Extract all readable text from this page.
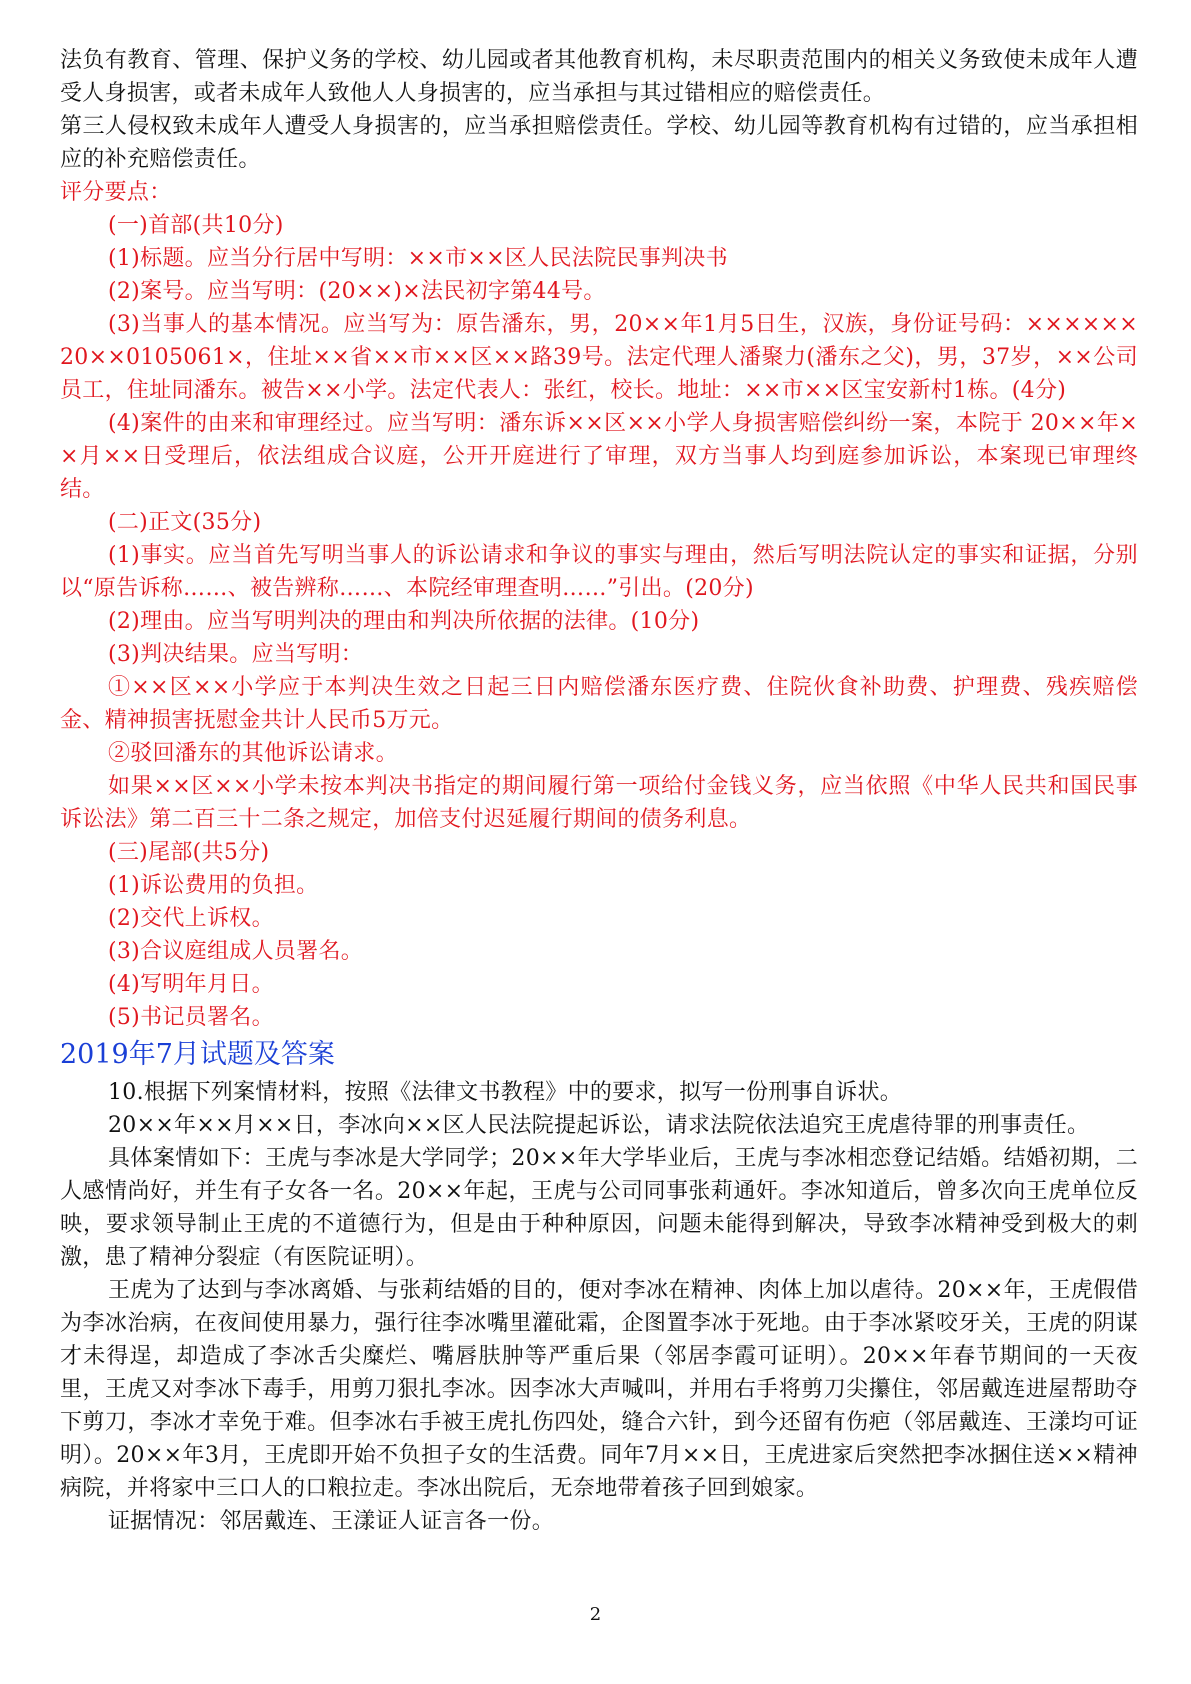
法负有教育、管理、保护义务的学校、幼儿园或者其他教育机构，未尽职责范围内的相关义务致使未成年人遭受人身损害，或者未成年人致他人人身损害的，应当承担与其过错相应的赔偿责任。

第三人侵权致未成年人遭受人身损害的，应当承担赔偿责任。学校、幼儿园等教育机构有过错的，应当承担相应的补充赔偿责任。

评分要点：

(一)首部(共10分)

(1)标题。应当分行居中写明：××市××区人民法院民事判决书

(2)案号。应当写明：(20××)×法民初字第44号。

(3)当事人的基本情况。应当写为：原告潘东，男，20××年1月5日生，汉族，身份证号码：××××××20××0105061×，住址××省××市××区××路39号。法定代理人潘聚力(潘东之父)，男，37岁，××公司员工，住址同潘东。被告××小学。法定代表人：张红，校长。地址：××市××区宝安新村1栋。(4分)

(4)案件的由来和审理经过。应当写明：潘东诉××区××小学人身损害赔偿纠纷一案，本院于 20××年××月××日受理后，依法组成合议庭，公开开庭进行了审理，双方当事人均到庭参加诉讼，本案现已审理终结。

(二)正文(35分)

(1)事实。应当首先写明当事人的诉讼请求和争议的事实与理由，然后写明法院认定的事实和证据，分别以“原告诉称……、被告辨称……、本院经审理查明……”引出。(20分)

(2)理由。应当写明判决的理由和判决所依据的法律。(10分)

(3)判决结果。应当写明：

①××区××小学应于本判决生效之日起三日内赔偿潘东医疗费、住院伙食补助费、护理费、残疾赔偿金、精神损害抚慰金共计人民币5万元。

②驳回潘东的其他诉讼请求。

如果××区××小学未按本判决书指定的期间履行第一项给付金钱义务，应当依照《中华人民共和国民事诉讼法》第二百三十二条之规定，加倍支付迟延履行期间的债务利息。

(三)尾部(共5分)

(1)诉讼费用的负担。

(2)交代上诉权。

(3)合议庭组成人员署名。

(4)写明年月日。

(5)书记员署名。

2019年7月试题及答案

10.根据下列案情材料，按照《法律文书教程》中的要求，拟写一份刑事自诉状。

20××年××月××日，李冰向××区人民法院提起诉讼，请求法院依法追究王虎虐待罪的刑事责任。

具体案情如下：王虎与李冰是大学同学；20××年大学毕业后，王虎与李冰相恋登记结婚。结婚初期，二人感情尚好，并生有子女各一名。20××年起，王虎与公司同事张莉通奸。李冰知道后，曾多次向王虎单位反映，要求领导制止王虎的不道德行为，但是由于种种原因，问题未能得到解决，导致李冰精神受到极大的刺激，患了精神分裂症（有医院证明）。

王虎为了达到与李冰离婚、与张莉结婚的目的，便对李冰在精神、肉体上加以虐待。20××年，王虎假借为李冰治病，在夜间使用暴力，强行往李冰嘴里灌砒霜，企图置李冰于死地。由于李冰紧咬牙关，王虎的阴谋才未得逞，却造成了李冰舌尖糜烂、嘴唇肤肿等严重后果（邻居李霞可证明）。20××年春节期间的一天夜里，王虎又对李冰下毒手，用剪刀狠扎李冰。因李冰大声喊叫，并用右手将剪刀尖攥住，邻居戴连进屋帮助夺下剪刀，李冰才幸免于难。但李冰右手被王虎扎伤四处，缝合六针，到今还留有伤疤（邻居戴连、王漾均可证明）。20××年3月，王虎即开始不负担子女的生活费。同年7月××日，王虎进家后突然把李冰捆住送××精神病院，并将家中三口人的口粮拉走。李冰出院后，无奈地带着孩子回到娘家。

证据情况：邻居戴连、王漾证人证言各一份。

2
